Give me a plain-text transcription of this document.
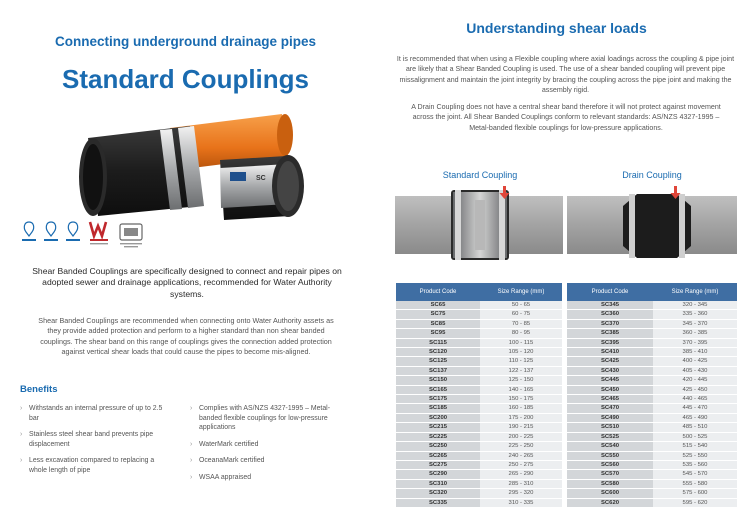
Connecting underground drainage pipes
Standard Couplings
SC

Shear Banded Couplings are specifically designed to connect and repair pipes on adopted sewer and drainage applications, recommended for Water Authority systems.

Shear Banded Couplings are recommended when connecting onto Water Authority assets as they provide added protection and perform to a higher standard than non shear banded couplings. The shear band on this range of couplings gives the connection added protection against vertical shear loads that could cause the pipes to become mis-aligned.

Benefits
› Withstands an internal pressure of up to 2.5 bar
› Stainless steel shear band prevents pipe displacement
› Less excavation compared to replacing a whole length of pipe
› Complies with AS/NZS 4327-1995 – Metal-banded flexible couplings for low-pressure applications
› WaterMark certified
› OceanaMark certified
› WSAA appraised
Understanding shear loads

It is recommended that when using a Flexible coupling where axial loadings across the coupling & pipe joint are likely that a Shear Banded Coupling is used. The use of a shear banded coupling will prevent pipe missalignment and maintain the joint integrity by bracing the coupling across the pipe joint and making the assembly rigid.

A Drain Coupling does not have a central shear band therefore it will not protect against movement across the joint. All Shear Banded Couplings conform to relevant standards: AS/NZS 4327-1995 – Metal-banded flexible couplings for low-pressure applications.

Standard Coupling	Drain Coupling
Product Code	Size Range (mm)
SC65	50 - 65
SC75	60 - 75
SC85	70 - 85
SC95	80 - 95
SC115	100 - 115
SC120	105 - 120
SC125	110 - 125
SC137	122 - 137
SC150	125 - 150
SC165	140 - 165
SC175	150 - 175
SC185	160 - 185
SC200	175 - 200
SC215	190 - 215
SC225	200 - 225
SC250	225 - 250
SC265	240 - 265
SC275	250 - 275
SC290	265 - 290
SC310	285 - 310
SC320	295 - 320
SC335	310 - 335
Product Code	Size Range (mm)
SC345	320 - 345
SC360	335 - 360
SC370	345 - 370
SC385	360 - 385
SC395	370 - 395
SC410	385 - 410
SC425	400 - 425
SC430	405 - 430
SC445	420 - 445
SC450	425 - 450
SC465	440 - 465
SC470	445 - 470
SC490	465 - 490
SC510	485 - 510
SC525	500 - 525
SC540	515 - 540
SC550	525 - 550
SC560	535 - 560
SC570	545 - 570
SC580	555 - 580
SC600	575 - 600
SC620	595 - 620
